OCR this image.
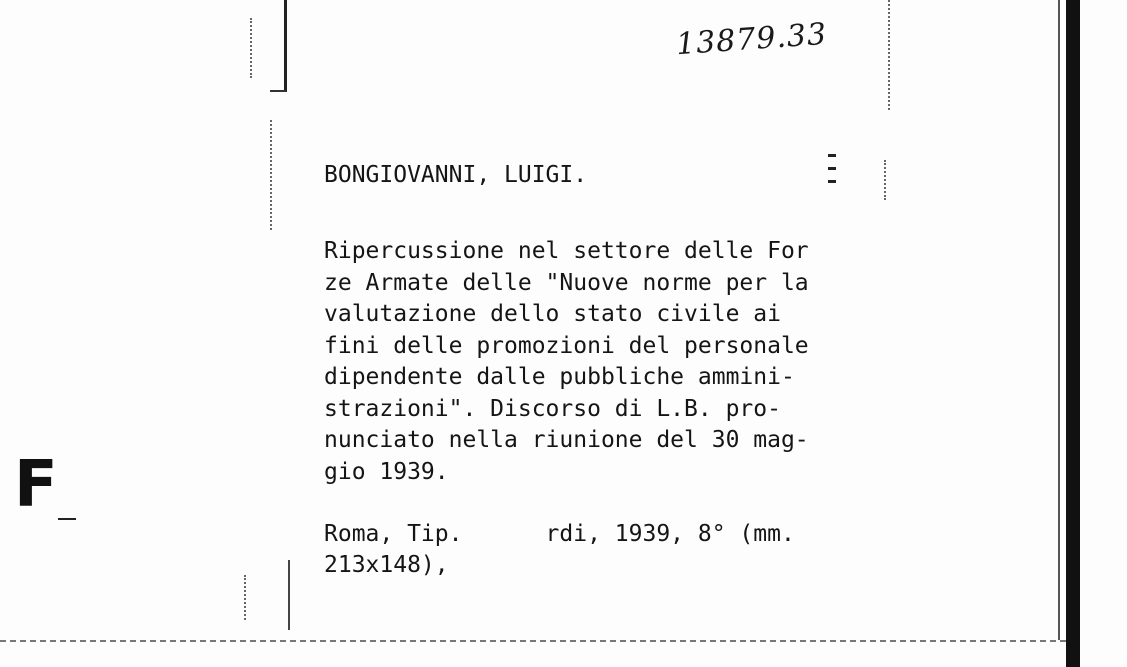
13879.33
BONGIOVANNI, LUIGI.
Ripercussione nel settore delle For
ze Armate delle "Nuove norme per la
valutazione dello stato civile ai
fini delle promozioni del personale
dipendente dalle pubbliche ammini-
strazioni". Discorso di L.B. pro-
nunciato nella riunione del 30 mag-
gio 1939.
Roma, Tip.      rdi, 1939, 8° (mm.
213x148),
F
